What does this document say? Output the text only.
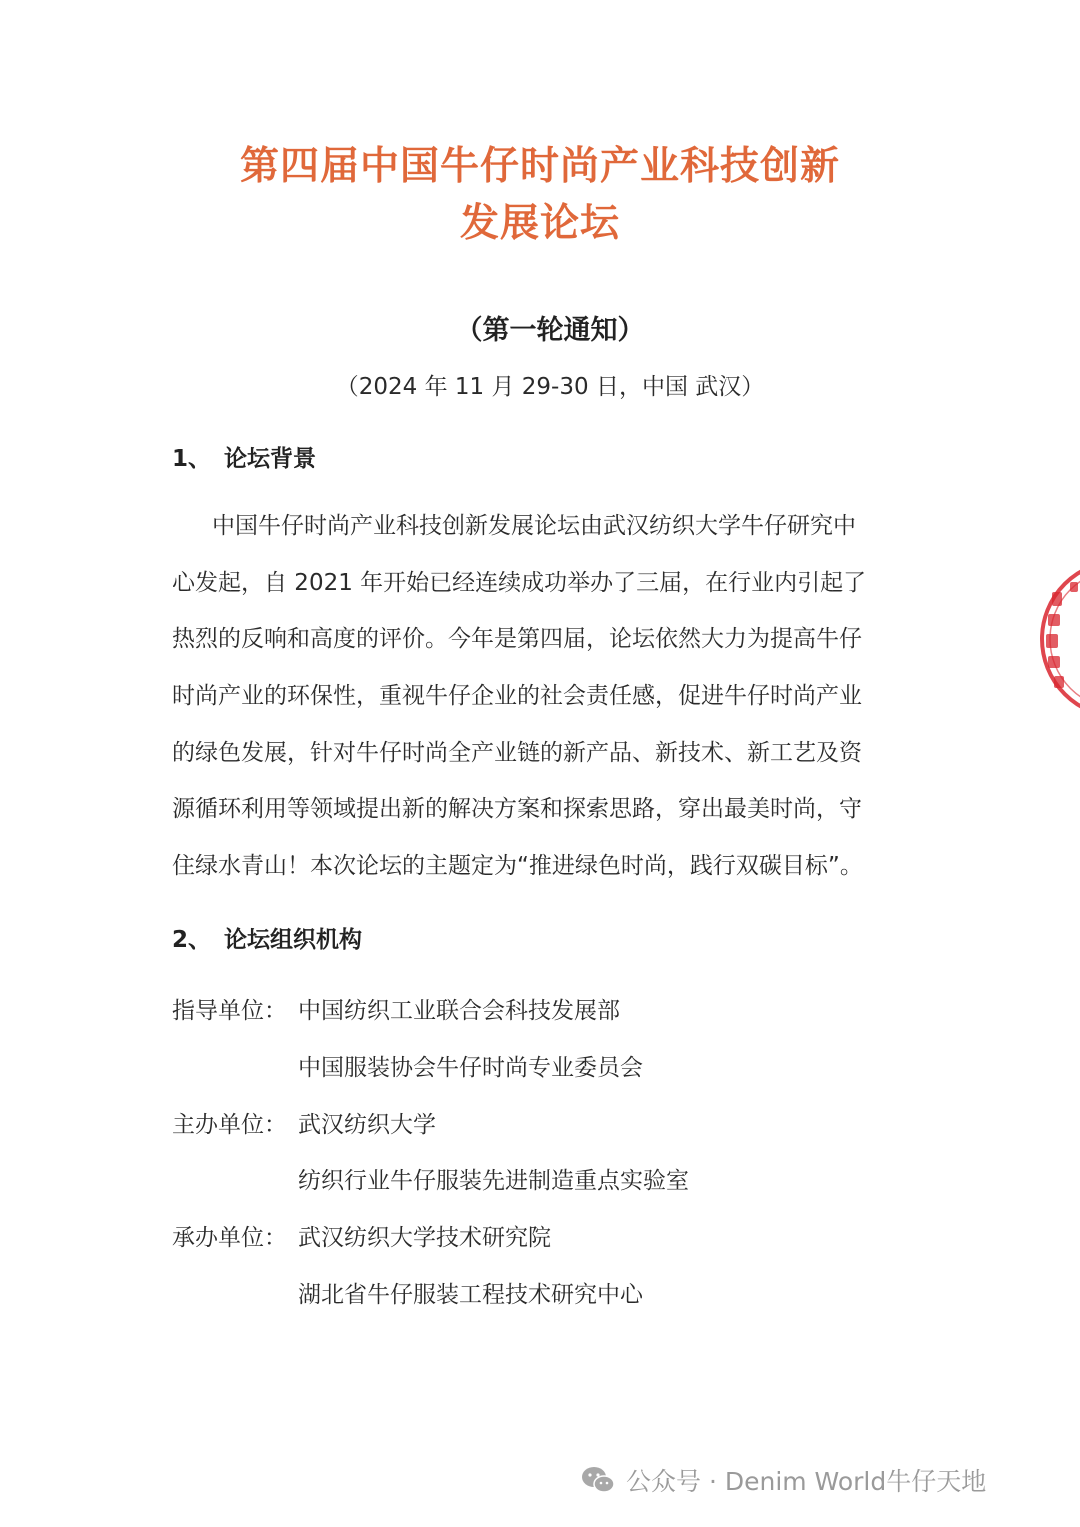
第四届中国牛仔时尚产业科技创新
发展论坛
（第一轮通知）
（2024 年 11 月 29-30 日，中国 武汉）
1、 论坛背景
中国牛仔时尚产业科技创新发展论坛由武汉纺织大学牛仔研究中
心发起，自 2021 年开始已经连续成功举办了三届，在行业内引起了
热烈的反响和高度的评价。今年是第四届，论坛依然大力为提高牛仔
时尚产业的环保性，重视牛仔企业的社会责任感，促进牛仔时尚产业
的绿色发展，针对牛仔时尚全产业链的新产品、新技术、新工艺及资
源循环利用等领域提出新的解决方案和探索思路，穿出最美时尚，守
住绿水青山！本次论坛的主题定为“推进绿色时尚，践行双碳目标”。
2、 论坛组织机构
指导单位： 中国纺织工业联合会科技发展部
中国服装协会牛仔时尚专业委员会
主办单位： 武汉纺织大学
纺织行业牛仔服装先进制造重点实验室
承办单位： 武汉纺织大学技术研究院
湖北省牛仔服装工程技术研究中心
公众号 · Denim World牛仔天地
